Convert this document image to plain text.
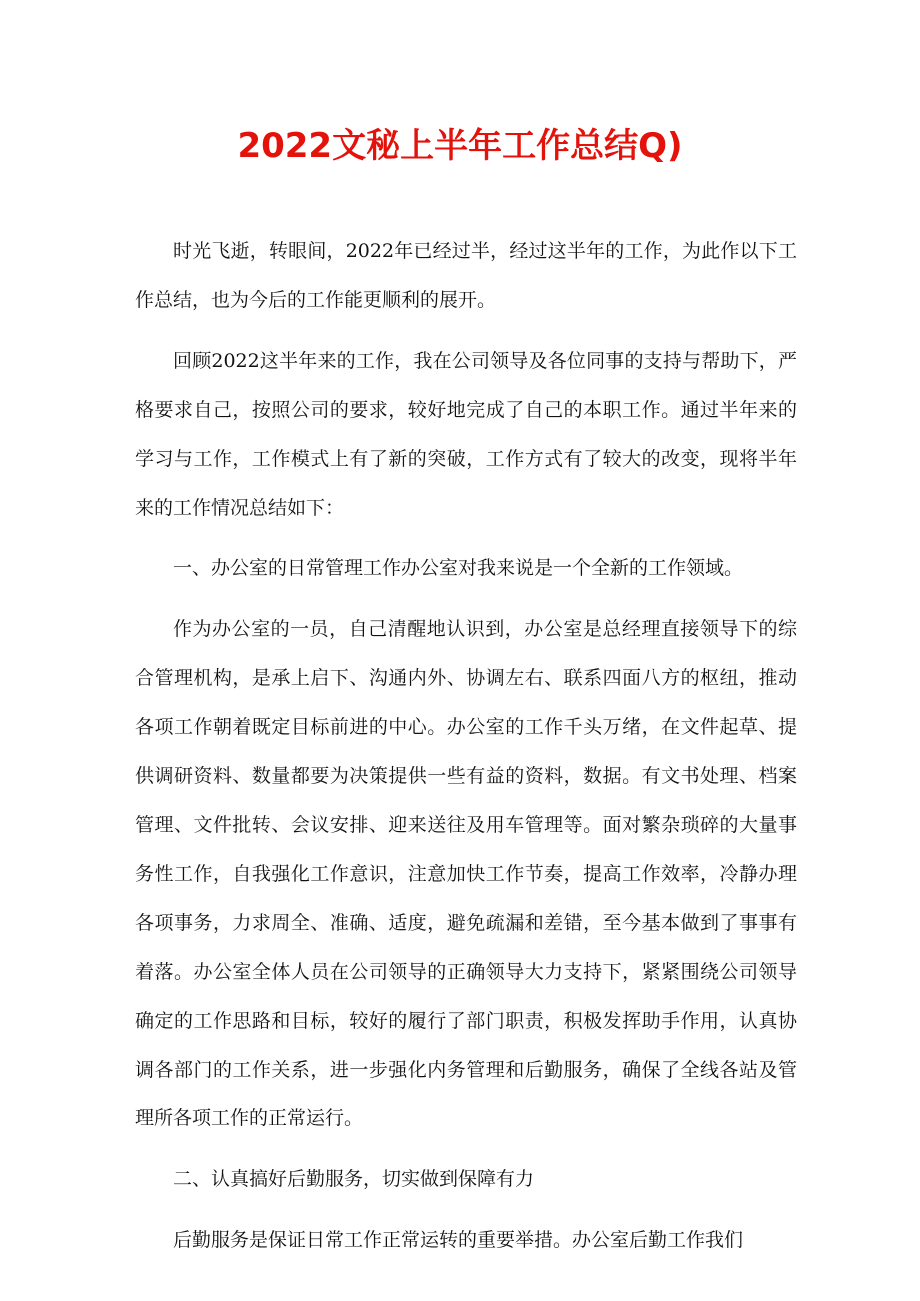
2022文秘上半年工作总结Q)

时光飞逝，转眼间，2022年已经过半，经过这半年的工作，为此作以下工作总结，也为今后的工作能更顺利的展开。

回顾2022这半年来的工作，我在公司领导及各位同事的支持与帮助下，严格要求自己，按照公司的要求，较好地完成了自己的本职工作。通过半年来的学习与工作，工作模式上有了新的突破，工作方式有了较大的改变，现将半年来的工作情况总结如下：

一、办公室的日常管理工作办公室对我来说是一个全新的工作领域。

作为办公室的一员，自己清醒地认识到，办公室是总经理直接领导下的综合管理机构，是承上启下、沟通内外、协调左右、联系四面八方的枢纽，推动各项工作朝着既定目标前进的中心。办公室的工作千头万绪，在文件起草、提供调研资料、数量都要为决策提供一些有益的资料，数据。有文书处理、档案管理、文件批转、会议安排、迎来送往及用车管理等。面对繁杂琐碎的大量事务性工作，自我强化工作意识，注意加快工作节奏，提高工作效率，冷静办理各项事务，力求周全、准确、适度，避免疏漏和差错，至今基本做到了事事有着落。办公室全体人员在公司领导的正确领导大力支持下，紧紧围绕公司领导确定的工作思路和目标，较好的履行了部门职责，积极发挥助手作用，认真协调各部门的工作关系，进一步强化内务管理和后勤服务，确保了全线各站及管理所各项工作的正常运行。

二、认真搞好后勤服务，切实做到保障有力

后勤服务是保证日常工作正常运转的重要举措。办公室后勤工作我们
